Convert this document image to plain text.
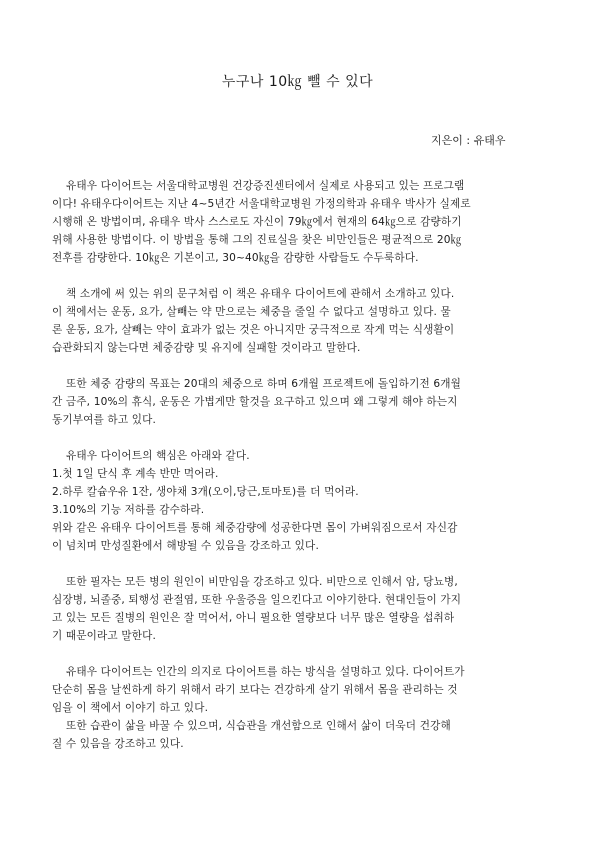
누구나 10㎏ 뺄 수 있다
지은이 : 유태우
유태우 다이어트는 서울대학교병원 건강증진센터에서 실제로 사용되고 있는 프로그램
이다! 유태우다이어트는 지난 4~5년간 서울대학교병원 가정의학과 유태우 박사가 실제로
시행해 온 방법이며, 유태우 박사 스스로도 자신이 79㎏에서 현재의 64㎏으로 감량하기
위해 사용한 방법이다. 이 방법을 통해 그의 진료실을 찾은 비만인들은 평균적으로 20㎏
전후를 감량한다. 10㎏은 기본이고, 30~40㎏을 감량한 사람들도 수두룩하다.
책 소개에 써 있는 위의 문구처럼 이 책은 유태우 다이어트에 관해서 소개하고 있다.
이 책에서는 운동, 요가, 살빼는 약 만으로는 체중을 줄일 수 없다고 설명하고 있다. 물
론 운동, 요가, 살빼는 약이 효과가 없는 것은 아니지만 궁극적으로 작게 먹는 식생활이
습관화되지 않는다면 체중감량 및 유지에 실패할 것이라고 말한다.
또한 체중 감량의 목표는 20대의 체중으로 하며 6개월 프로젝트에 돌입하기전 6개월
간 금주, 10%의 휴식, 운동은 가볍게만 할것을 요구하고 있으며 왜 그렇게 해야 하는지
동기부여를 하고 있다.
유태우 다이어트의 핵심은 아래와 같다.
1.첫 1일 단식 후 계속 반만 먹어라.
2.하루 칼슘우유 1잔, 생야채 3개(오이,당근,토마토)를 더 먹어라.
3.10%의 기능 저하를 감수하라.
위와 같은 유태우 다이어트를 통해 체중감량에 성공한다면 몸이 가벼워짐으로서 자신감
이 넘치며 만성질환에서 해방될 수 있음을 강조하고 있다.
또한 필자는 모든 병의 원인이 비만임을 강조하고 있다. 비만으로 인해서 암, 당뇨병,
심장병, 뇌졸중, 퇴행성 관절염, 또한 우울증을 일으킨다고 이야기한다. 현대인들이 가지
고 있는 모든 질병의 원인은 잘 먹어서, 아니 필요한 열량보다 너무 많은 열량을 섭취하
기 때문이라고 말한다.
유태우 다이어트는 인간의 의지로 다이어트를 하는 방식을 설명하고 있다. 다이어트가
단순히 몸을 날씬하게 하기 위해서 라기 보다는 건강하게 살기 위해서 몸을 관리하는 것
임을 이 책에서 이야기 하고 있다.
또한 습관이 삶을 바꿀 수 있으며, 식습관을 개선함으로 인해서 삶이 더욱더 건강해
질 수 있음을 강조하고 있다.
